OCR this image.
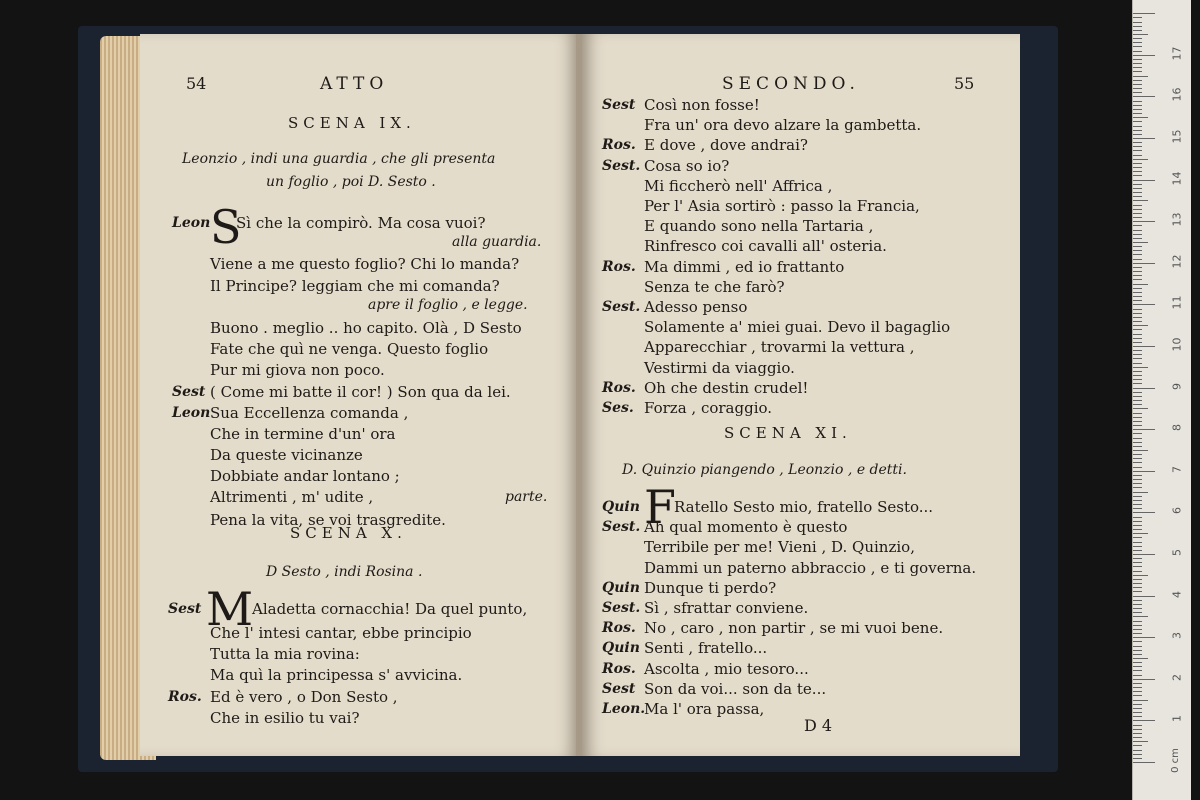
54	ATTO
SCENA IX.
Leonzio , indi una guardia , che gli presenta
un foglio , poi D. Sesto .
S
Leon Sì che la compirò. Ma cosa vuoi?
alla guardia.
Viene a me questo foglio? Chi lo manda?
Il Principe? leggiam che mi comanda?
apre il foglio , e legge.
Buono . meglio .. ho capito. Olà , D Sesto
Fate che quì ne venga. Questo foglio
Pur mi giova non poco.
Sest ( Come mi batte il cor! ) Son qua da lei.
Leon Sua Eccellenza comanda ,
Che in termine d'un' ora
Da queste vicinanze
Dobbiate andar lontano ;
Altrimenti , m' udite ,
Pena la vita, se voi trasgredite.
parte.
SCENA X.
D Sesto , indi Rosina .
M
Sest	Aladetta cornacchia! Da quel punto,
Che l' intesi cantar, ebbe principio
Tutta la mia rovina:
Ma quì la principessa s' avvicina.
Ros. Ed è vero , o Don Sesto ,
Che in esilio tu vai?
SECONDO.	55
Sest Così non fosse!
Fra un' ora devo alzare la gambetta.
Ros. E dove , dove andrai?
Sest. Cosa so io?
Mi ficcherò nell' Affrica ,
Per l' Asia sortirò : passo la Francia,
E quando sono nella Tartaria ,
Rinfresco coi cavalli all' osteria.
Ros. Ma dimmi , ed io frattanto
Senza te che farò?
Sest. Adesso penso
Solamente a' miei guai. Devo il bagaglio
Apparecchiar , trovarmi la vettura ,
Vestirmi da viaggio.
Ros. Oh che destin crudel!
Ses. Forza , coraggio.
SCENA XI.
D. Quinzio piangendo , Leonzio , e detti.
F
Quin Ratello Sesto mio, fratello Sesto...
Sest. Ah qual momento è questo
Terribile per me! Vieni , D. Quinzio,
Dammi un paterno abbraccio , e ti governa.
Quin Dunque ti perdo?
Sest. Sì , sfrattar conviene.
Ros. No , caro , non partir , se mi vuoi bene.
Quin Senti , fratello...
Ros. Ascolta , mio tesoro...
Sest Son da voi... son da te...
Leon.
Ma l' ora passa,
D 4
0 cm
1
2
3
4
5
6
7
8
9
10
11
12
13
14
15
16
17
